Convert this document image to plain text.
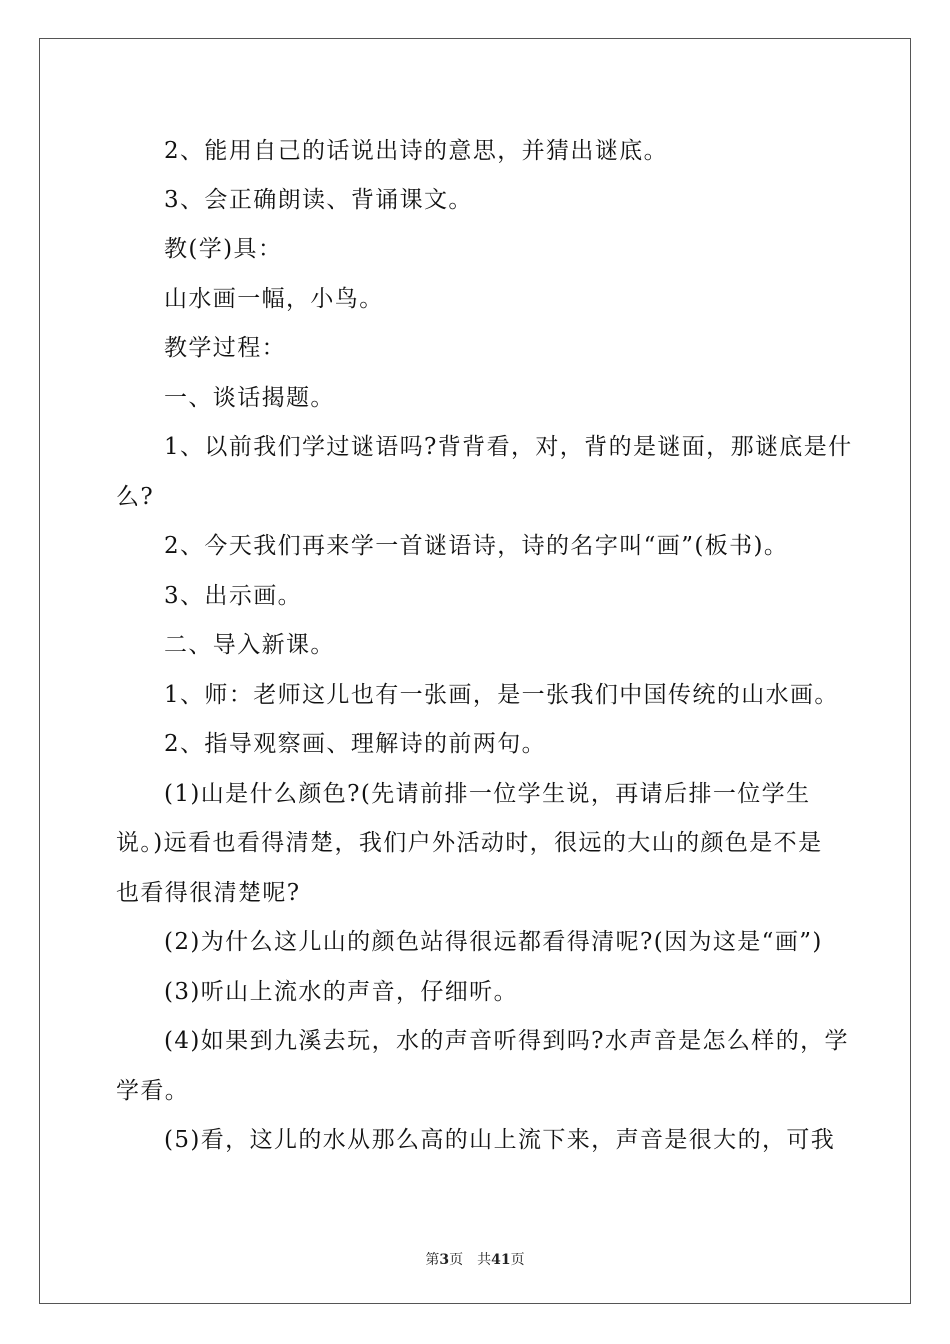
2、能用自己的话说出诗的意思，并猜出谜底。
3、会正确朗读、背诵课文。
教(学)具：
山水画一幅，小鸟。
教学过程：
一、谈话揭题。
1、以前我们学过谜语吗?背背看，对，背的是谜面，那谜底是什
么?
2、今天我们再来学一首谜语诗，诗的名字叫“画”(板书)。
3、出示画。
二、导入新课。
1、师：老师这儿也有一张画，是一张我们中国传统的山水画。
2、指导观察画、理解诗的前两句。
(1)山是什么颜色?(先请前排一位学生说，再请后排一位学生
说。)远看也看得清楚，我们户外活动时，很远的大山的颜色是不是
也看得很清楚呢?
(2)为什么这儿山的颜色站得很远都看得清呢?(因为这是“画”)
(3)听山上流水的声音，仔细听。
(4)如果到九溪去玩，水的声音听得到吗?水声音是怎么样的，学
学看。
(5)看，这儿的水从那么高的山上流下来，声音是很大的，可我
第3页　共41页
